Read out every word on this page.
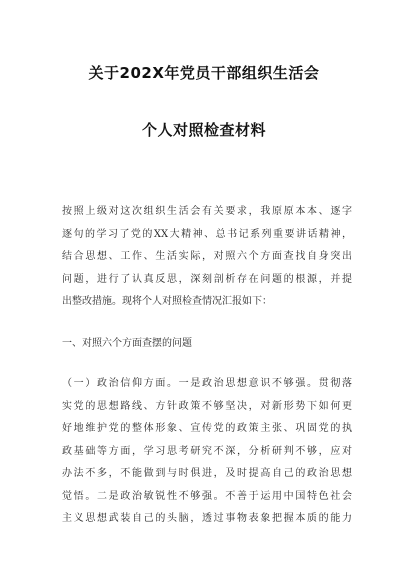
关于202X年党员干部组织生活会
个人对照检查材料
按照上级对这次组织生活会有关要求，我原原本本、逐字
逐句的学习了党的XX大精神、总书记系列重要讲话精神，
结合思想、工作、生活实际，对照六个方面查找自身突出
问题，进行了认真反思，深刻剖析存在问题的根源，并提
出整改措施。现将个人对照检查情况汇报如下：
一、对照六个方面查摆的问题
（一）政治信仰方面。一是政治思想意识不够强。贯彻落
实党的思想路线、方针政策不够坚决，对新形势下如何更
好地维护党的整体形象、宣传党的政策主张、巩固党的执
政基础等方面，学习思考研究不深，分析研判不够，应对
办法不多，不能做到与时俱进，及时提高自己的政治思想
觉悟。二是政治敏锐性不够强。不善于运用中国特色社会
主义思想武装自己的头脑，透过事物表象把握本质的能力
